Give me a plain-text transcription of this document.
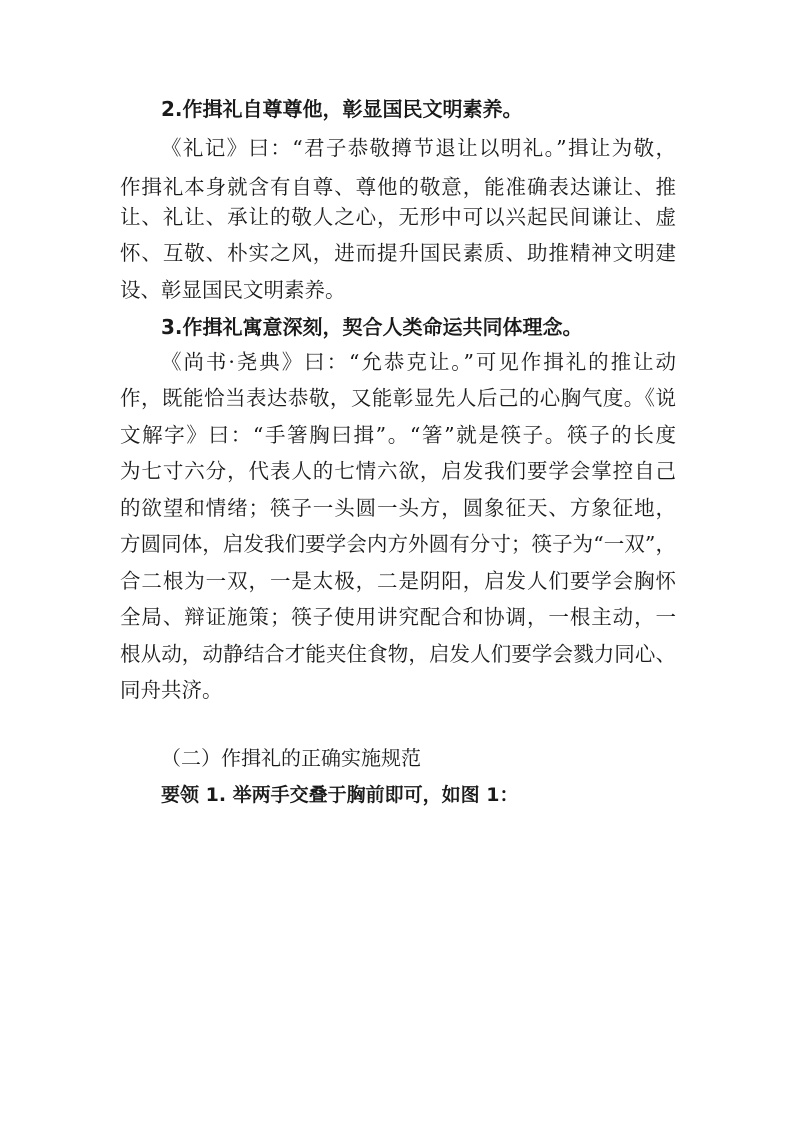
2.作揖礼自尊尊他，彰显国民文明素养。
《礼记》曰：“君子恭敬撙节退让以明礼。”揖让为敬，
作揖礼本身就含有自尊、尊他的敬意，能准确表达谦让、推
让、礼让、承让的敬人之心，无形中可以兴起民间谦让、虚
怀、互敬、朴实之风，进而提升国民素质、助推精神文明建
设、彰显国民文明素养。
3.作揖礼寓意深刻，契合人类命运共同体理念。
《尚书·尧典》曰：“允恭克让。”可见作揖礼的推让动
作，既能恰当表达恭敬，又能彰显先人后己的心胸气度。《说
文解字》曰：“手箸胸曰揖”。“箸”就是筷子。筷子的长度
为七寸六分，代表人的七情六欲，启发我们要学会掌控自己
的欲望和情绪；筷子一头圆一头方，圆象征天、方象征地，
方圆同体，启发我们要学会内方外圆有分寸；筷子为“一双”，
合二根为一双，一是太极，二是阴阳，启发人们要学会胸怀
全局、辩证施策；筷子使用讲究配合和协调，一根主动，一
根从动，动静结合才能夹住食物，启发人们要学会戮力同心、
同舟共济。
（二）作揖礼的正确实施规范
要领 1. 举两手交叠于胸前即可，如图 1：
